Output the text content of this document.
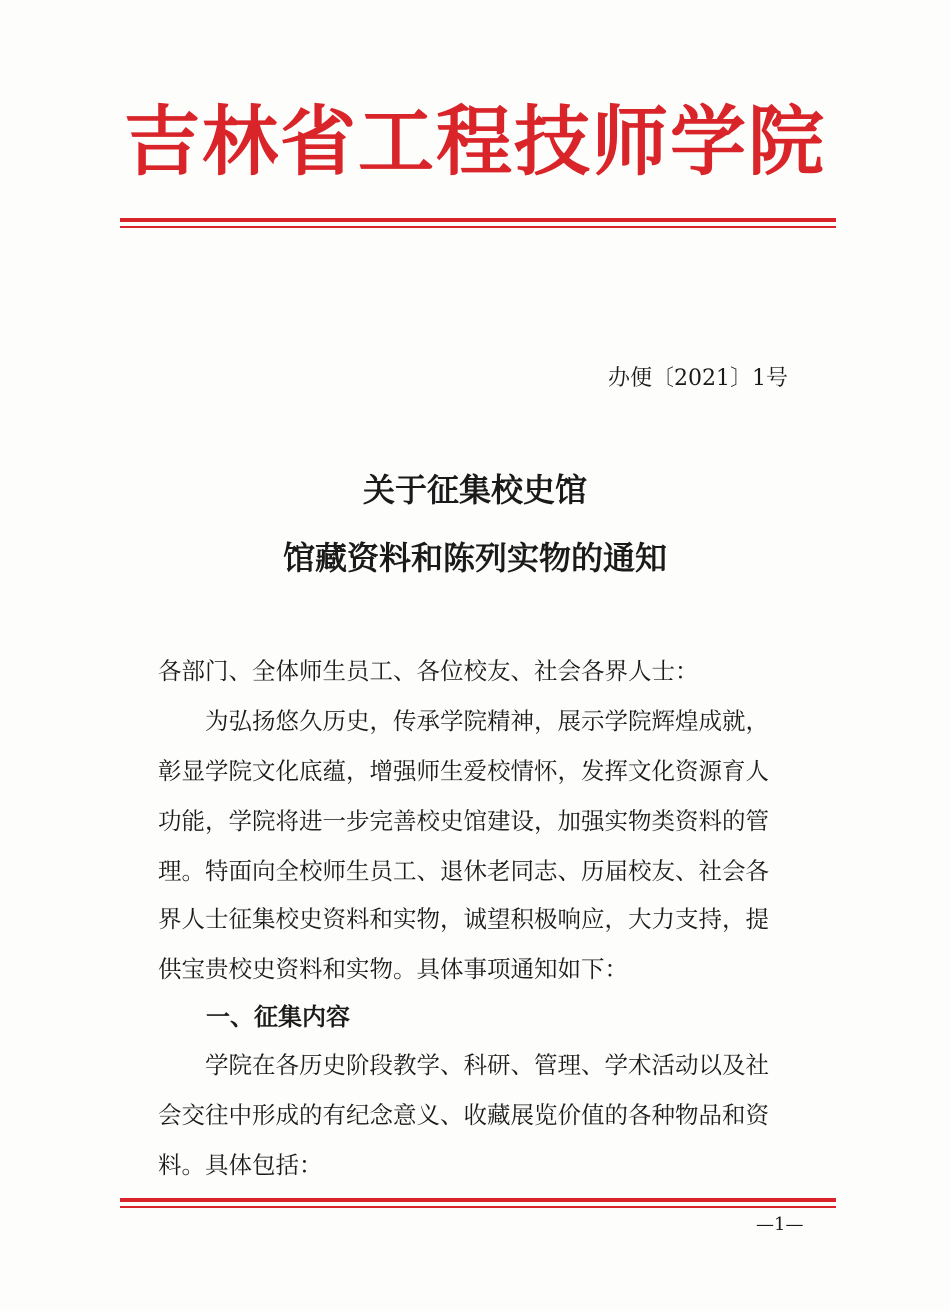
吉林省工程技师学院
办便〔2021〕1号
关于征集校史馆
馆藏资料和陈列实物的通知
各部门、全体师生员工、各位校友、社会各界人士：
　　为弘扬悠久历史，传承学院精神，展示学院辉煌成就，
彰显学院文化底蕴，增强师生爱校情怀，发挥文化资源育人
功能，学院将进一步完善校史馆建设，加强实物类资料的管
理。特面向全校师生员工、退休老同志、历届校友、社会各
界人士征集校史资料和实物，诚望积极响应，大力支持，提
供宝贵校史资料和实物。具体事项通知如下：
一、征集内容
　　学院在各历史阶段教学、科研、管理、学术活动以及社
会交往中形成的有纪念意义、收藏展览价值的各种物品和资
料。具体包括：
—1—
